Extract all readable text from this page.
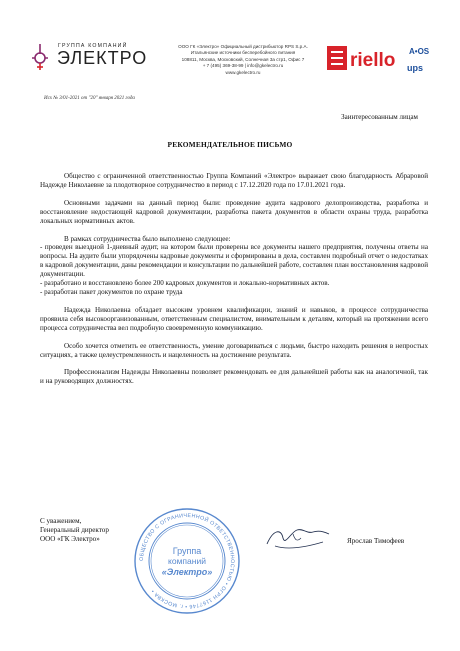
ГРУППА КОМПАНИЙ
ЭЛЕКТРО
ООО ГК «Электро» Официальный дистрибьютор RPS S.p.A.
Итальянские источники бесперебойного питания
108811, Москва, Московский, Солнечная 3а стр1, Офис 7
+ 7 (495) 369-38-99 | info@gkelectro.ru
www.gkelectro.ru
riello ups
A•OS
Исх № 3/01-2021 от "20" января 2021 года
Заинтересованным лицам
РЕКОМЕНДАТЕЛЬНОЕ ПИСЬМО

Общество с ограниченной ответственностью Группа Компаний «Электро» выражает свою благодарность Абраровой Надежде Николаевне за плодотворное сотрудничество в период с 17.12.2020 года по 17.01.2021 года.

Основными задачами на данный период были: проведение аудита кадрового делопроизводства, разработка и восстановление недостающей кадровой документации, разработка пакета документов в области охраны труда, разработка локальных нормативных актов.

В рамках сотрудничества было выполнено следующее:

- проведен выездной 1-дневный аудит, на котором были проверены все документы нашего предприятия, получены ответы на вопросы. На аудите были упорядочены кадровые документы и сформированы в дела, составлен подробный отчет о недостатках в кадровой документации, даны рекомендации и консультации по дальнейшей работе, составлен план восстановления кадровой документации.

- разработано и восстановлено более 200 кадровых документов и локально-нормативных актов.

- разработан пакет документов по охране труда

Надежда Николаевна обладает высоким уровнем квалификации, знаний и навыков, в процессе сотрудничества проявила себя высокоорганизованным, ответственным специалистом, внимательным к деталям, который на протяжении всего процесса сотрудничества вел подробную своевременную коммуникацию.

Особо хочется отметить ее ответственность, умение договариваться с людьми, быстро находить решения в непростых ситуациях, а также целеустремленность и нацеленность на достижение результата.

Профессионализм Надежды Николаевны позволяет рекомендовать ее для дальнейшей работы как на аналогичной, так и на руководящих должностях.

С уважением,
Генеральный директор
ООО «ГК Электро»	Ярослав Тимофеев
ОБЩЕСТВО С ОГРАНИЧЕННОЙ ОТВЕТСТВЕННОСТЬЮ • ОГРН 1167746 • г. МОСКВА •
Группа
компаний
«Электро»
